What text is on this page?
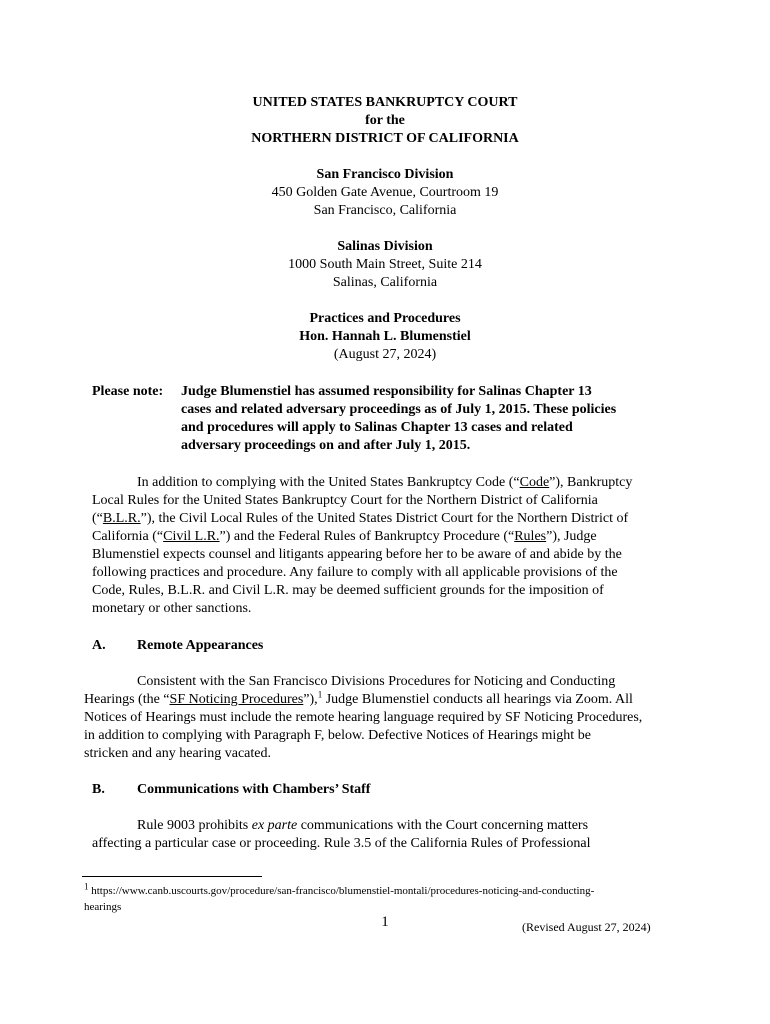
UNITED STATES BANKRUPTCY COURT
for the
NORTHERN DISTRICT OF CALIFORNIA
San Francisco Division
450 Golden Gate Avenue, Courtroom 19
San Francisco, California
Salinas Division
1000 South Main Street, Suite 214
Salinas, California
Practices and Procedures
Hon. Hannah L. Blumenstiel
(August 27, 2024)
Please note: Judge Blumenstiel has assumed responsibility for Salinas Chapter 13
cases and related adversary proceedings as of July 1, 2015. These policies
and procedures will apply to Salinas Chapter 13 cases and related
adversary proceedings on and after July 1, 2015.
In addition to complying with the United States Bankruptcy Code (“Code”), Bankruptcy
Local Rules for the United States Bankruptcy Court for the Northern District of California
(“B.L.R.”), the Civil Local Rules of the United States District Court for the Northern District of
California (“Civil L.R.”) and the Federal Rules of Bankruptcy Procedure (“Rules”), Judge
Blumenstiel expects counsel and litigants appearing before her to be aware of and abide by the
following practices and procedure. Any failure to comply with all applicable provisions of the
Code, Rules, B.L.R. and Civil L.R. may be deemed sufficient grounds for the imposition of
monetary or other sanctions.
A. Remote Appearances
Consistent with the San Francisco Divisions Procedures for Noticing and Conducting
Hearings (the “SF Noticing Procedures”),$^1$ Judge Blumenstiel conducts all hearings via Zoom. All
Notices of Hearings must include the remote hearing language required by SF Noticing Procedures,
in addition to complying with Paragraph F, below. Defective Notices of Hearings might be
stricken and any hearing vacated.
B. Communications with Chambers’ Staff
Rule 9003 prohibits ex parte communications with the Court concerning matters
affecting a particular case or proceeding. Rule 3.5 of the California Rules of Professional
$^1$ https://www.canb.uscourts.gov/procedure/san-francisco/blumenstiel-montali/procedures-noticing-and-conducting-
hearings
1	(Revised August 27, 2024)
